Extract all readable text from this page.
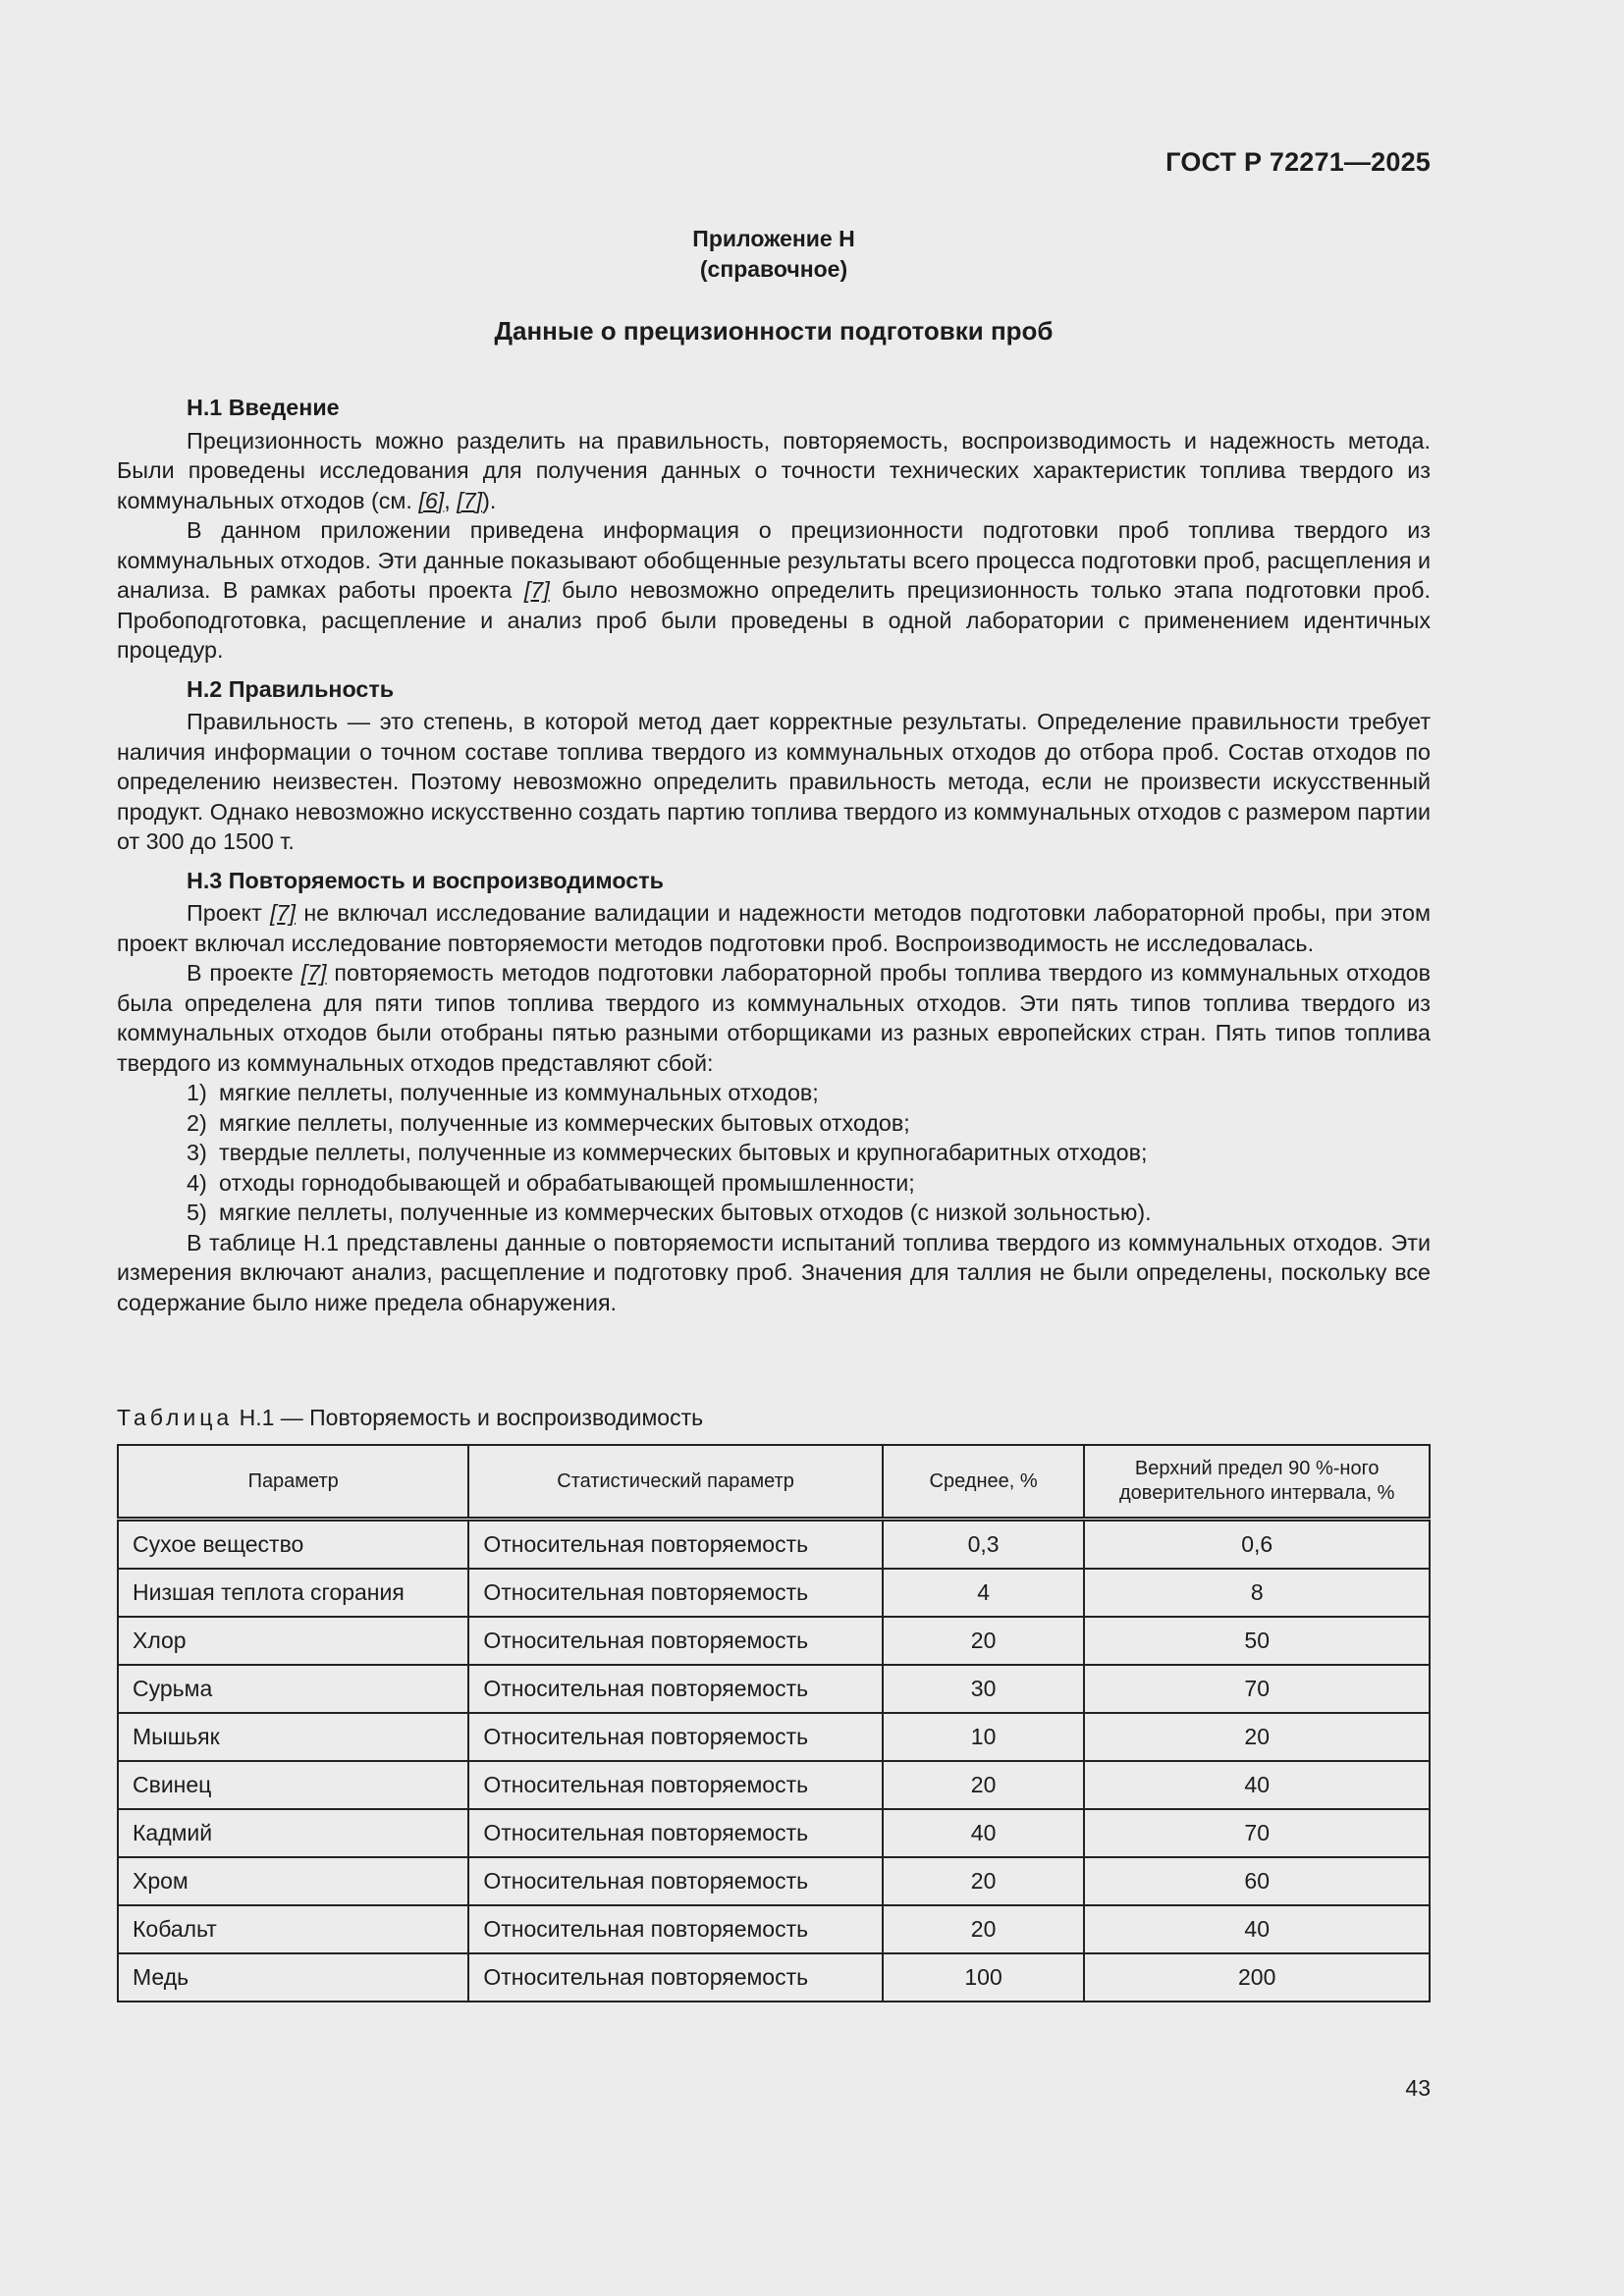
ГОСТ Р 72271—2025
Приложение Н
(справочное)
Данные о прецизионности подготовки проб
Н.1 Введение

Прецизионность можно разделить на правильность, повторяемость, воспроизводимость и надежность метода. Были проведены исследования для получения данных о точности технических характеристик топлива твердого из коммунальных отходов (см. [6], [7]).

В данном приложении приведена информация о прецизионности подготовки проб топлива твердого из коммунальных отходов. Эти данные показывают обобщенные результаты всего процесса подготовки проб, расщепления и анализа. В рамках работы проекта [7] было невозможно определить прецизионность только этапа подготовки проб. Пробоподготовка, расщепление и анализ проб были проведены в одной лаборатории с применением идентичных процедур.

Н.2 Правильность

Правильность — это степень, в которой метод дает корректные результаты. Определение правильности требует наличия информации о точном составе топлива твердого из коммунальных отходов до отбора проб. Состав отходов по определению неизвестен. Поэтому невозможно определить правильность метода, если не произвести искусственный продукт. Однако невозможно искусственно создать партию топлива твердого из коммунальных отходов с размером партии от 300 до 1500 т.

Н.3 Повторяемость и воспроизводимость

Проект [7] не включал исследование валидации и надежности методов подготовки лабораторной пробы, при этом проект включал исследование повторяемости методов подготовки проб. Воспроизводимость не исследовалась.

В проекте [7] повторяемость методов подготовки лабораторной пробы топлива твердого из коммунальных отходов была определена для пяти типов топлива твердого из коммунальных отходов. Эти пять типов топлива твердого из коммунальных отходов были отобраны пятью разными отборщиками из разных европейских стран. Пять типов топлива твердого из коммунальных отходов представляют сбой:

1) мягкие пеллеты, полученные из коммунальных отходов;
2) мягкие пеллеты, полученные из коммерческих бытовых отходов;
3) твердые пеллеты, полученные из коммерческих бытовых и крупногабаритных отходов;
4) отходы горнодобывающей и обрабатывающей промышленности;
5) мягкие пеллеты, полученные из коммерческих бытовых отходов (с низкой зольностью).

В таблице Н.1 представлены данные о повторяемости испытаний топлива твердого из коммунальных отходов. Эти измерения включают анализ, расщепление и подготовку проб. Значения для таллия не были определены, поскольку все содержание было ниже предела обнаружения.

Таблица Н.1 — Повторяемость и воспроизводимость
Параметр	Статистический параметр	Среднее, %	Верхний предел 90 %-ного доверительного интервала, %
Сухое вещество	Относительная повторяемость	0,3	0,6
Низшая теплота сгорания	Относительная повторяемость	4	8
Хлор	Относительная повторяемость	20	50
Сурьма	Относительная повторяемость	30	70
Мышьяк	Относительная повторяемость	10	20
Свинец	Относительная повторяемость	20	40
Кадмий	Относительная повторяемость	40	70
Хром	Относительная повторяемость	20	60
Кобальт	Относительная повторяемость	20	40
Медь	Относительная повторяемость	100	200
43
